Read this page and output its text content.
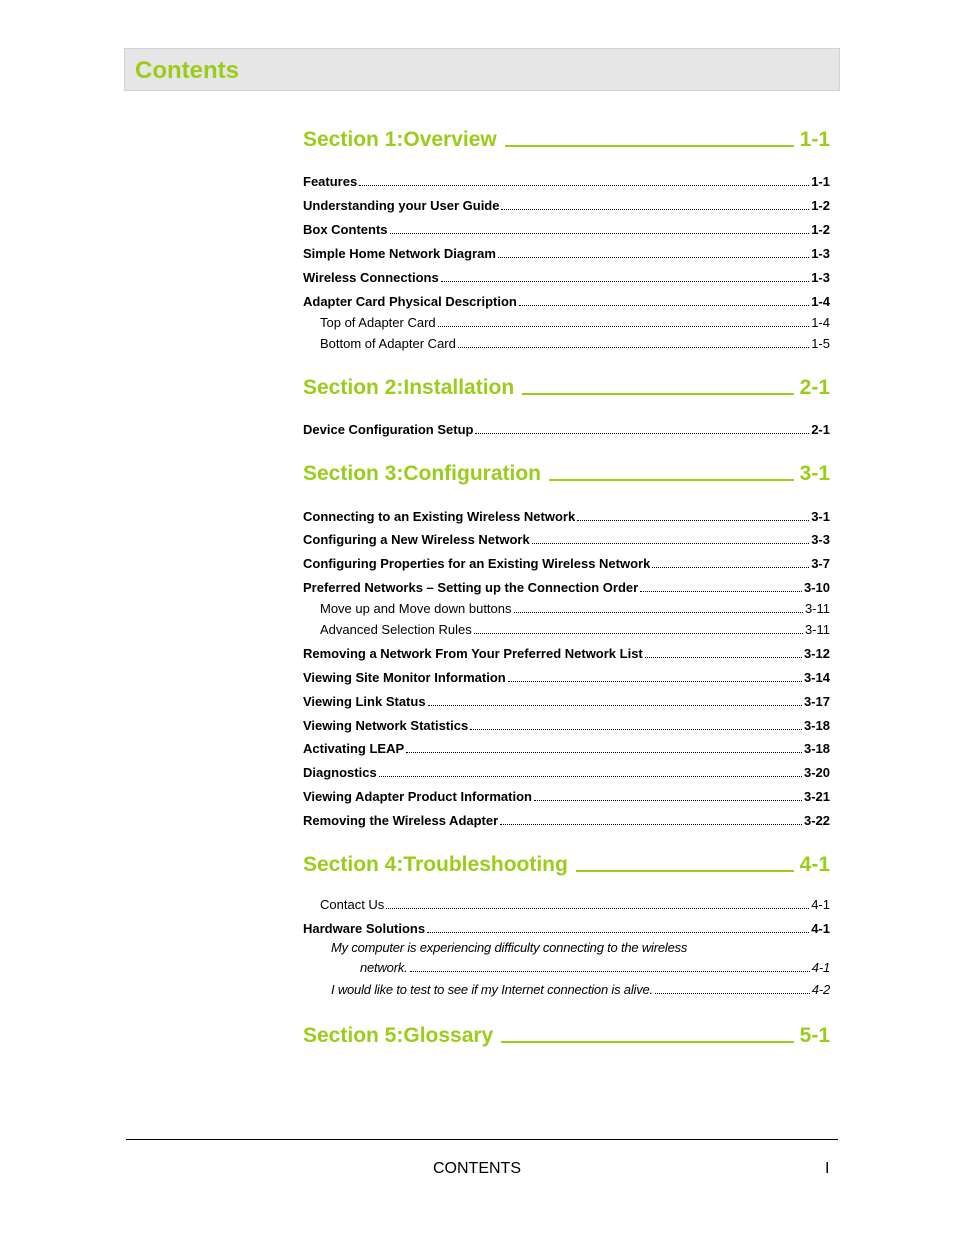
Contents
Section 1:Overview	1-1
Features	1-1
Understanding your User Guide	1-2
Box Contents	1-2
Simple Home Network Diagram	1-3
Wireless Connections	1-3
Adapter Card Physical Description	1-4
Top of Adapter Card	1-4
Bottom of Adapter Card	1-5
Section 2:Installation	2-1
Device Configuration Setup	2-1
Section 3:Configuration	3-1
Connecting to an Existing Wireless Network	3-1
Configuring a New Wireless Network	3-3
Configuring Properties for an Existing Wireless Network	3-7
Preferred Networks – Setting up the Connection Order	3-10
Move up and Move down buttons	3-11
Advanced Selection Rules	3-11
Removing a Network From Your Preferred Network List	3-12
Viewing Site Monitor Information	3-14
Viewing Link Status	3-17
Viewing Network Statistics	3-18
Activating LEAP	3-18
Diagnostics	3-20
Viewing Adapter Product Information	3-21
Removing the Wireless Adapter	3-22
Section 4:Troubleshooting	4-1
Contact Us	4-1
Hardware Solutions	4-1
My computer is experiencing difficulty connecting to the wireless
network.	4-1
I would like to test to see if my Internet connection is alive.	4-2
Section 5:Glossary	5-1
CONTENTS	I
